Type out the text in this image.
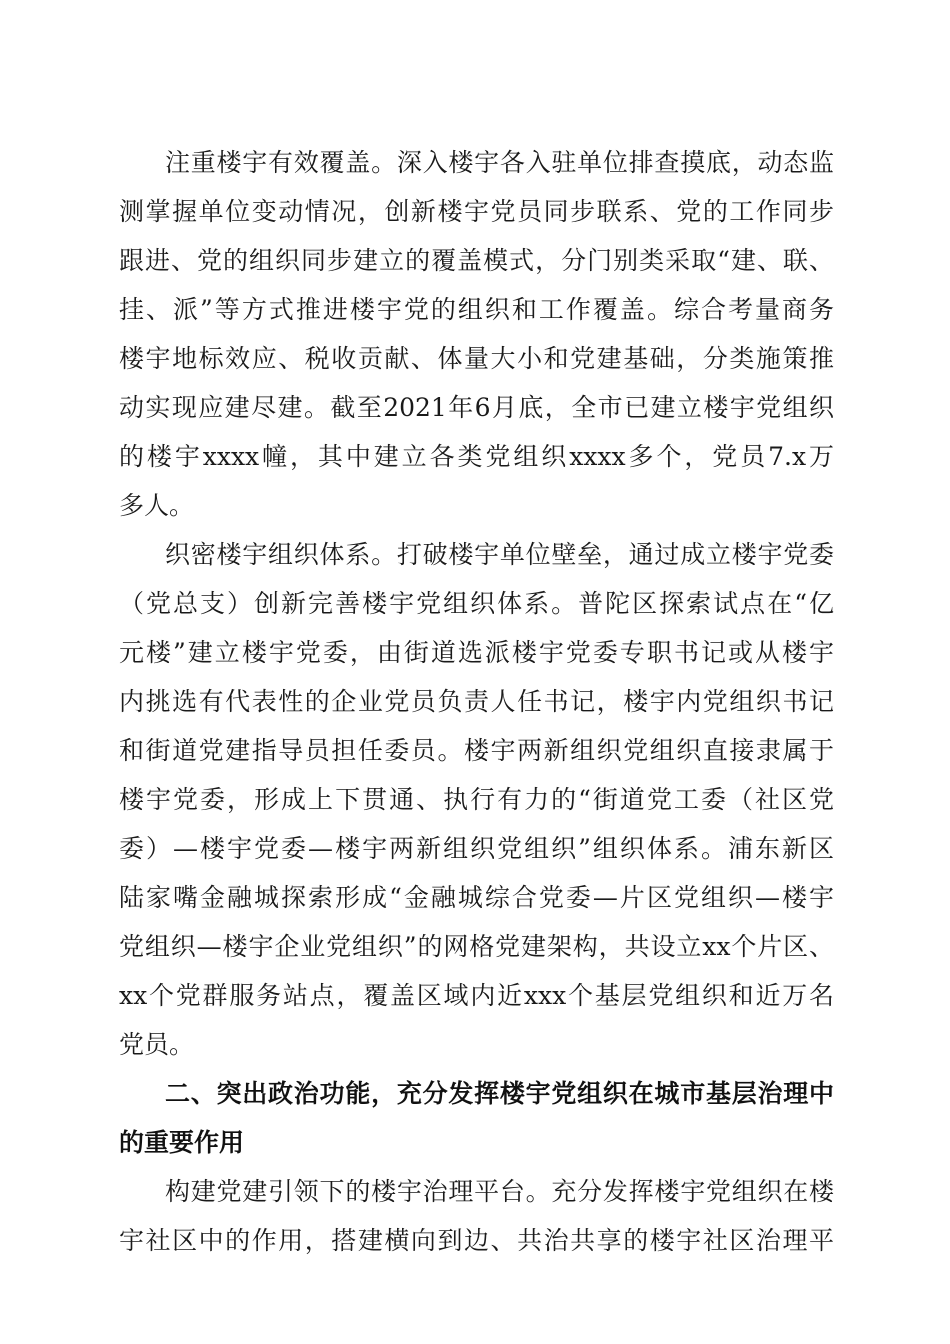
注重楼宇有效覆盖。深入楼宇各入驻单位排查摸底，动态监
测掌握单位变动情况，创新楼宇党员同步联系、党的工作同步
跟进、党的组织同步建立的覆盖模式，分门别类采取“建、联、
挂、派”等方式推进楼宇党的组织和工作覆盖。综合考量商务
楼宇地标效应、税收贡献、体量大小和党建基础，分类施策推
动实现应建尽建。截至2021年6月底，全市已建立楼宇党组织
的楼宇xxxx幢，其中建立各类党组织xxxx多个，党员7.x万
多人。
织密楼宇组织体系。打破楼宇单位壁垒，通过成立楼宇党委
（党总支）创新完善楼宇党组织体系。普陀区探索试点在“亿
元楼”建立楼宇党委，由街道选派楼宇党委专职书记或从楼宇
内挑选有代表性的企业党员负责人任书记，楼宇内党组织书记
和街道党建指导员担任委员。楼宇两新组织党组织直接隶属于
楼宇党委，形成上下贯通、执行有力的“街道党工委（社区党
委）—楼宇党委—楼宇两新组织党组织”组织体系。浦东新区
陆家嘴金融城探索形成“金融城综合党委—片区党组织—楼宇
党组织—楼宇企业党组织”的网格党建架构，共设立xx个片区、
xx个党群服务站点，覆盖区域内近xxx个基层党组织和近万名
党员。
二、突出政治功能，充分发挥楼宇党组织在城市基层治理中
的重要作用
构建党建引领下的楼宇治理平台。充分发挥楼宇党组织在楼
宇社区中的作用，搭建横向到边、共治共享的楼宇社区治理平
